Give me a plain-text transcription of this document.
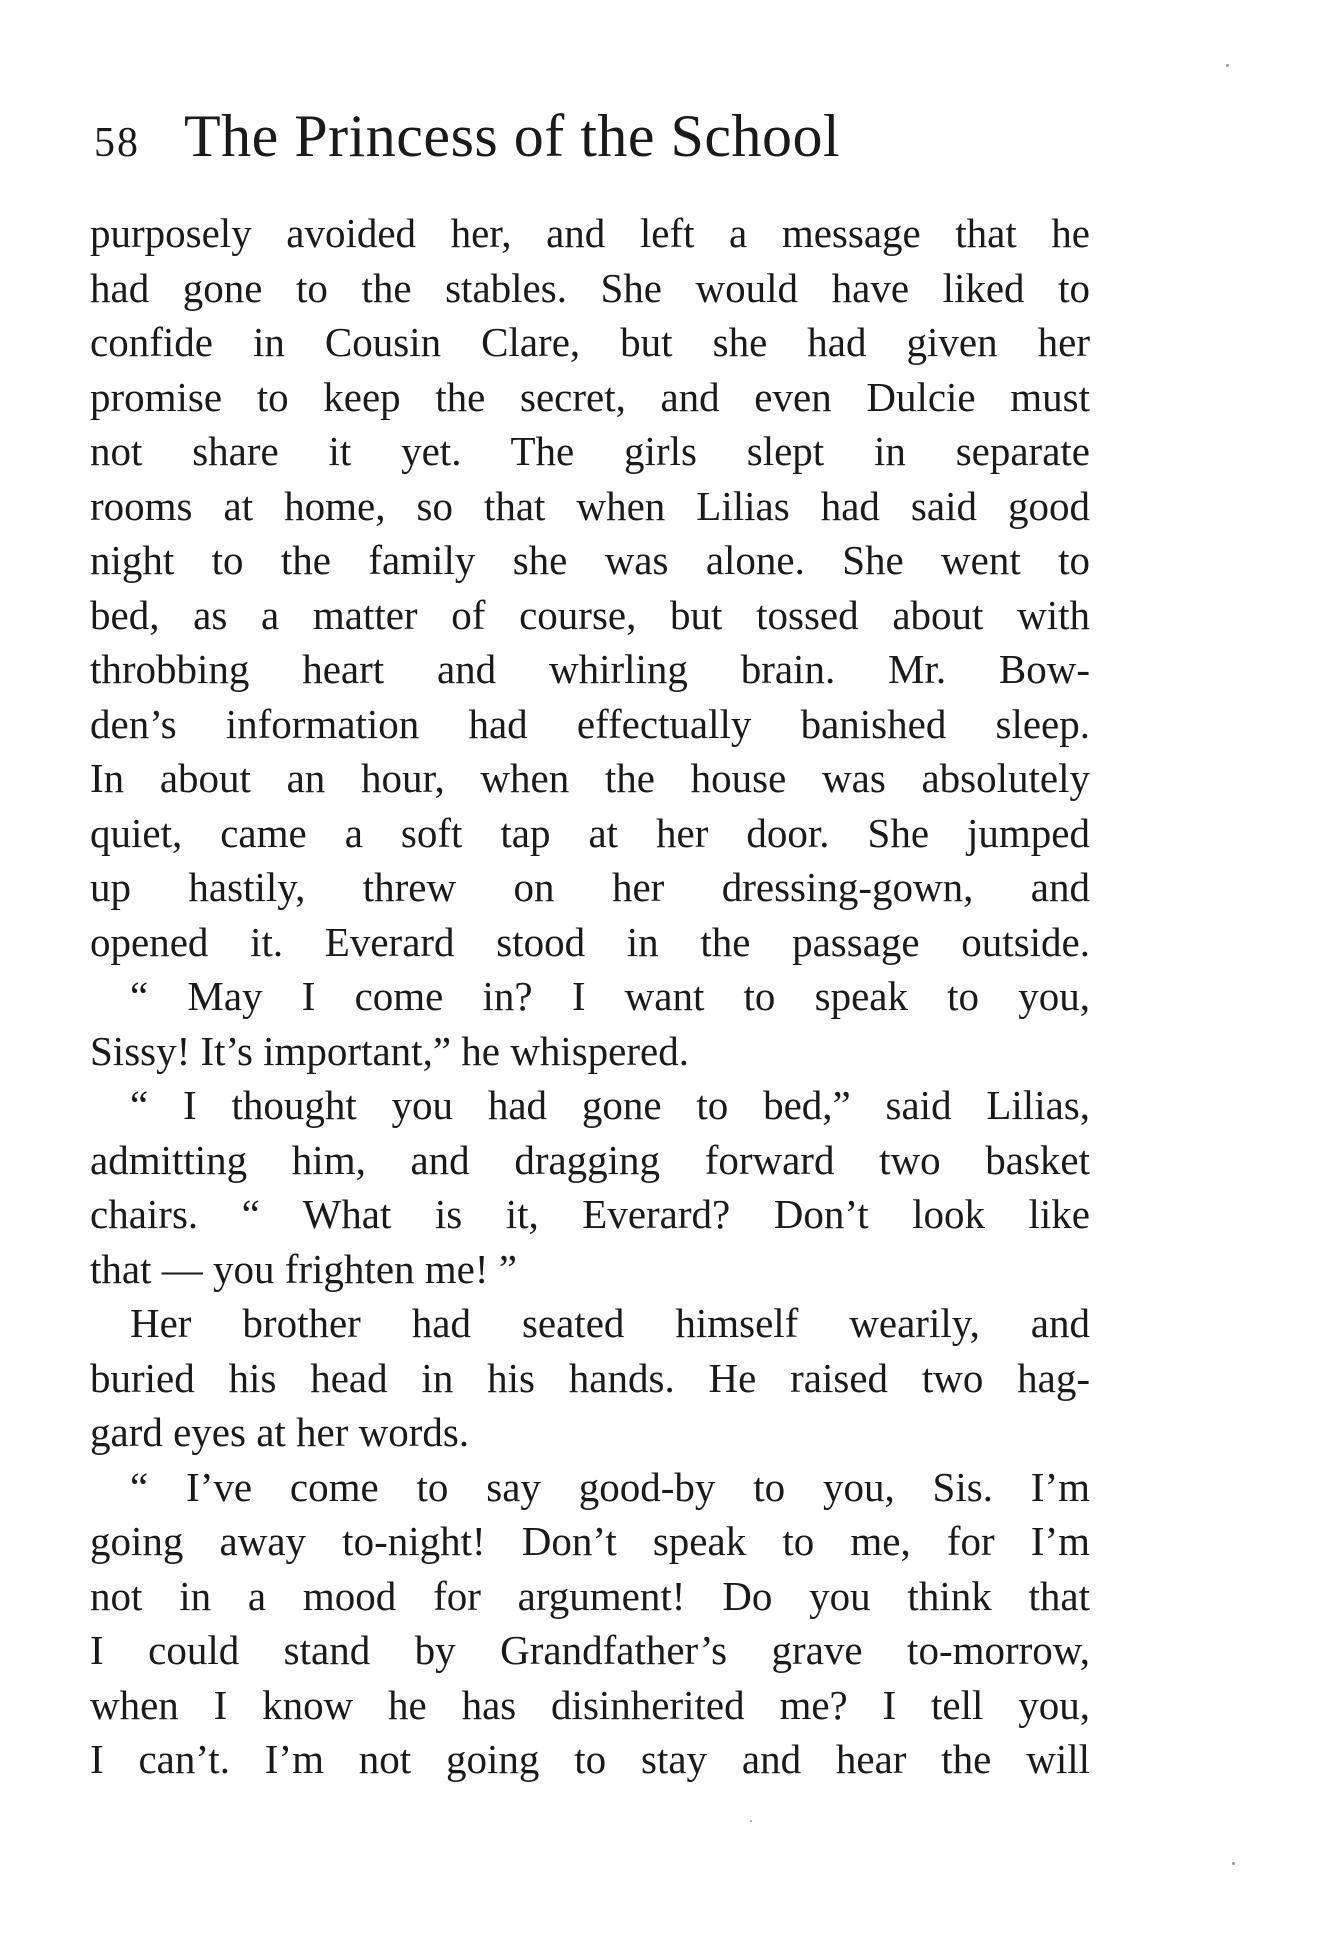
58 The Princess of the School
purposely avoided her, and left a message that he
had gone to the stables. She would have liked to
confide in Cousin Clare, but she had given her
promise to keep the secret, and even Dulcie must
not share it yet. The girls slept in separate
rooms at home, so that when Lilias had said good
night to the family she was alone. She went to
bed, as a matter of course, but tossed about with
throbbing heart and whirling brain. Mr. Bow-
den’s information had effectually banished sleep.
In about an hour, when the house was absolutely
quiet, came a soft tap at her door. She jumped
up hastily, threw on her dressing-gown, and
opened it. Everard stood in the passage outside.
“ May I come in? I want to speak to you,
Sissy! It’s important,” he whispered.
“ I thought you had gone to bed,” said Lilias,
admitting him, and dragging forward two basket
chairs. “ What is it, Everard? Don’t look like
that — you frighten me! ”
Her brother had seated himself wearily, and
buried his head in his hands. He raised two hag-
gard eyes at her words.
“ I’ve come to say good-by to you, Sis. I’m
going away to-night! Don’t speak to me, for I’m
not in a mood for argument! Do you think that
I could stand by Grandfather’s grave to-morrow,
when I know he has disinherited me? I tell you,
I can’t. I’m not going to stay and hear the will
